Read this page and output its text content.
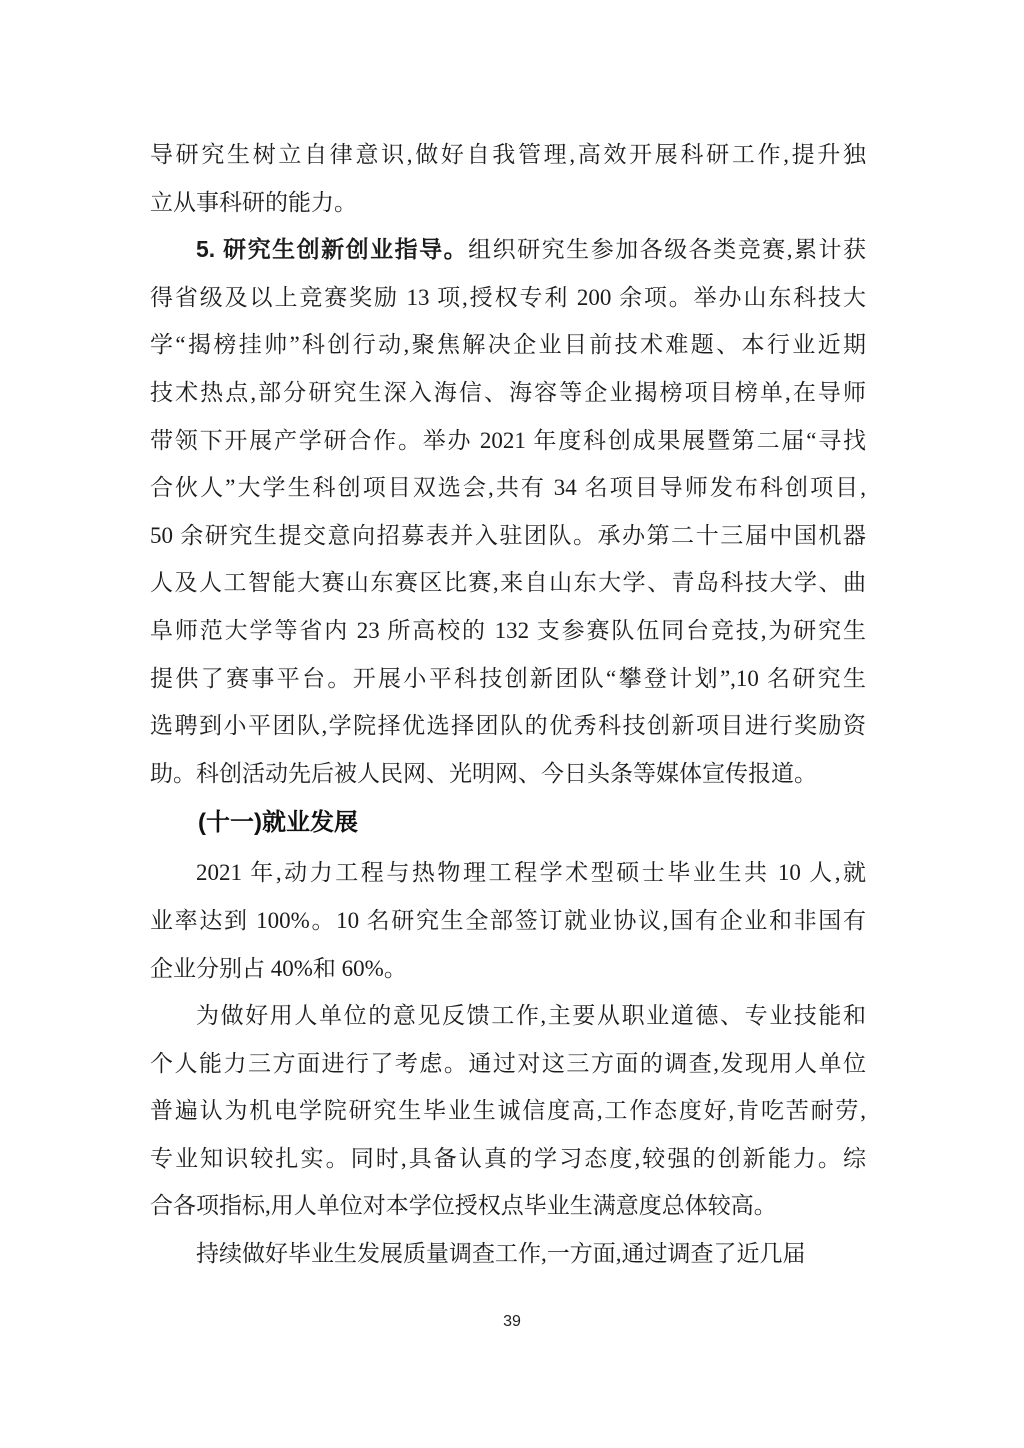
导研究生树立自律意识,做好自我管理,高效开展科研工作,提升独
立从事科研的能力。
5. 研究生创新创业指导。组织研究生参加各级各类竞赛,累计获
得省级及以上竞赛奖励 13 项,授权专利 200 余项。举办山东科技大
学“揭榜挂帅”科创行动,聚焦解决企业目前技术难题、本行业近期
技术热点,部分研究生深入海信、海容等企业揭榜项目榜单,在导师
带领下开展产学研合作。举办 2021 年度科创成果展暨第二届“寻找
合伙人”大学生科创项目双选会,共有 34 名项目导师发布科创项目,
50 余研究生提交意向招募表并入驻团队。承办第二十三届中国机器
人及人工智能大赛山东赛区比赛,来自山东大学、青岛科技大学、曲
阜师范大学等省内 23 所高校的 132 支参赛队伍同台竞技,为研究生
提供了赛事平台。开展小平科技创新团队“攀登计划”,10 名研究生
选聘到小平团队,学院择优选择团队的优秀科技创新项目进行奖励资
助。科创活动先后被人民网、光明网、今日头条等媒体宣传报道。
(十一)就业发展
2021 年,动力工程与热物理工程学术型硕士毕业生共 10 人,就
业率达到 100%。10 名研究生全部签订就业协议,国有企业和非国有
企业分别占 40%和 60%。
为做好用人单位的意见反馈工作,主要从职业道德、专业技能和
个人能力三方面进行了考虑。通过对这三方面的调查,发现用人单位
普遍认为机电学院研究生毕业生诚信度高,工作态度好,肯吃苦耐劳,
专业知识较扎实。同时,具备认真的学习态度,较强的创新能力。综
合各项指标,用人单位对本学位授权点毕业生满意度总体较高。
持续做好毕业生发展质量调查工作,一方面,通过调查了近几届
39
